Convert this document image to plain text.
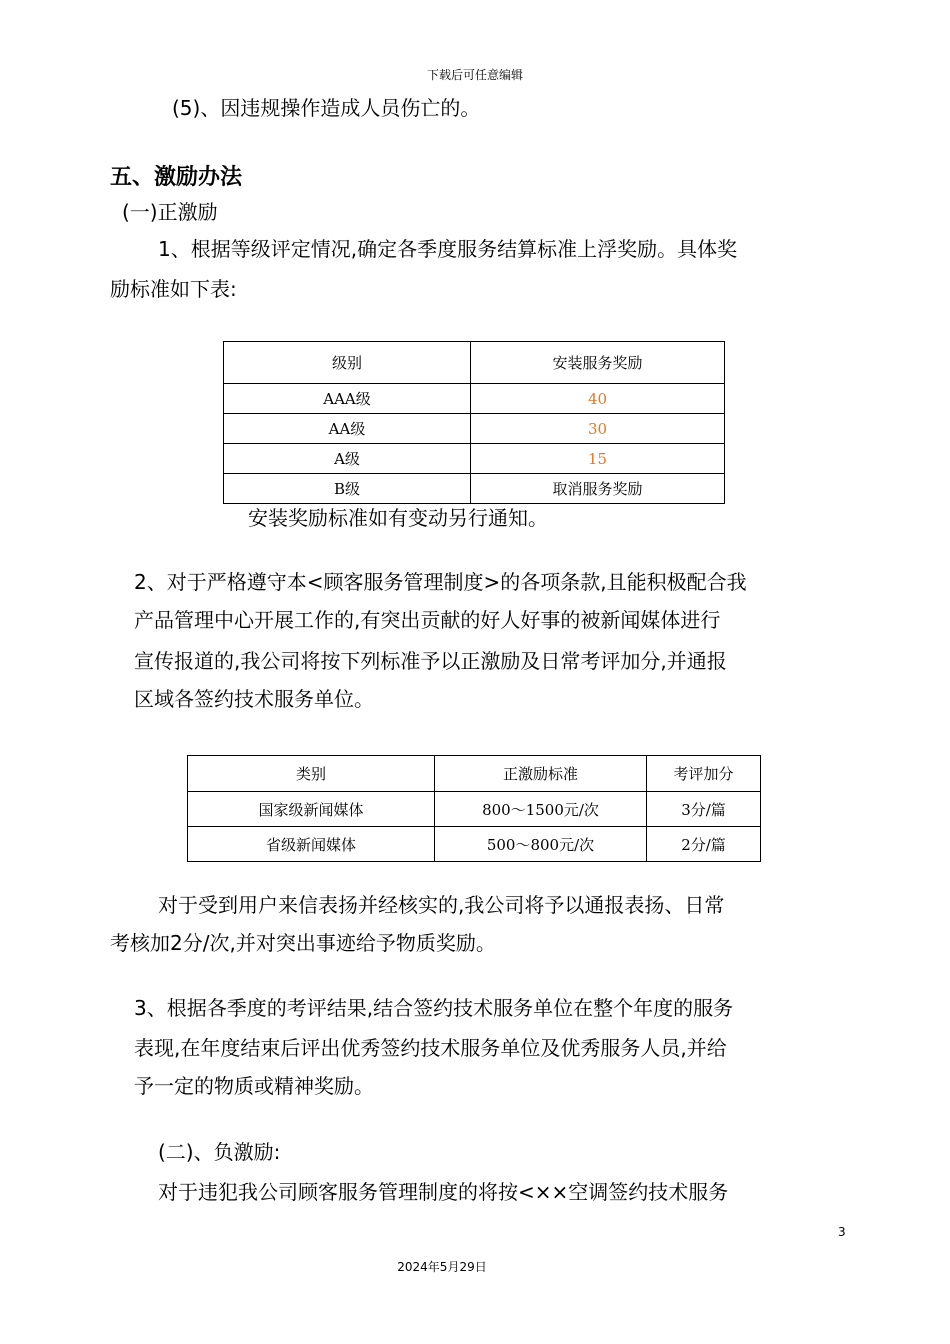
下载后可任意编辑
(5)、因违规操作造成人员伤亡的。
五、激励办法
(一)正激励
1、根据等级评定情况,确定各季度服务结算标准上浮奖励。具体奖
励标准如下表:
级别	安装服务奖励
AAA级	40
AA级	30
A级	15
B级	取消服务奖励
安装奖励标准如有变动另行通知。
2、对于严格遵守本<顾客服务管理制度>的各项条款,且能积极配合我
产品管理中心开展工作的,有突出贡献的好人好事的被新闻媒体进行
宣传报道的,我公司将按下列标准予以正激励及日常考评加分,并通报
区域各签约技术服务单位。
类别	正激励标准	考评加分
国家级新闻媒体	800～1500元/次	3分/篇
省级新闻媒体	500～800元/次	2分/篇
对于受到用户来信表扬并经核实的,我公司将予以通报表扬、日常
考核加2分/次,并对突出事迹给予物质奖励。
3、根据各季度的考评结果,结合签约技术服务单位在整个年度的服务
表现,在年度结束后评出优秀签约技术服务单位及优秀服务人员,并给
予一定的物质或精神奖励。
(二)、负激励:
对于违犯我公司顾客服务管理制度的将按<××空调签约技术服务
3
2024年5月29日
